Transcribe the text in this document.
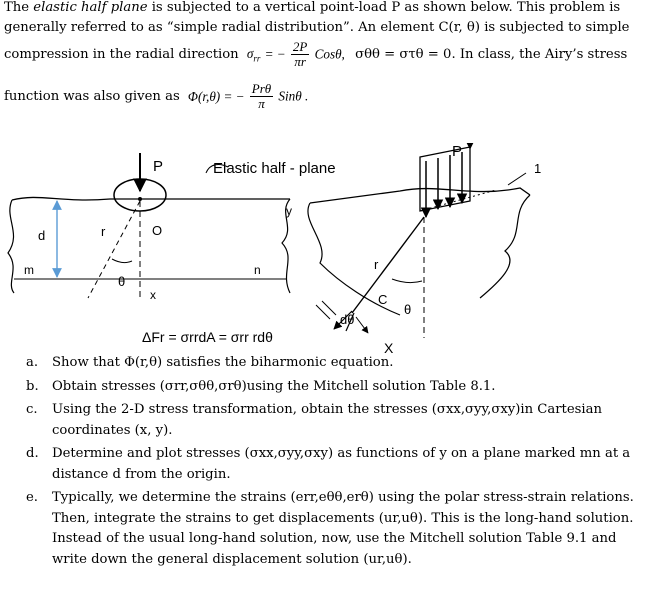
The elastic half plane is subjected to a vertical point-load P as shown below. This problem is
generally referred to as “simple radial distribution”. An element C(r, θ) is subjected to simple
compression in the radial direction $\sigma_{rr}$ = − $\frac{2P}{\pi r} Cos\theta$, σθθ = στθ = 0. In class, the Airy’s stress
function was also given as Φ(r,θ) = − $\frac{\text{Prθ}}{\pi}$ Sinθ .
d
m	n
P
O
x
y
r
θ
Elastic half - plane
P
1
r
C
θ
dθ
X
ΔFr = σrrdA = σrr rdθ
a. Show that Φ(r,θ) satisfies the biharmonic equation.
b. Obtain stresses (σrr,σθθ,σrθ)using the Mitchell solution Table 8.1.
c. Using the 2-D stress transformation, obtain the stresses (σxx,σyy,σxy)in Cartesian
coordinates (x, y).
d. Determine and plot stresses (σxx,σyy,σxy) as functions of y on a plane marked mn at a
distance d from the origin.
e. Typically, we determine the strains (err,eθθ,erθ) using the polar stress-strain relations.
Then, integrate the strains to get displacements (ur,uθ). This is the long-hand solution.
Instead of the usual long-hand solution, now, use the Mitchell solution Table 9.1 and
write down the general displacement solution (ur,uθ).
